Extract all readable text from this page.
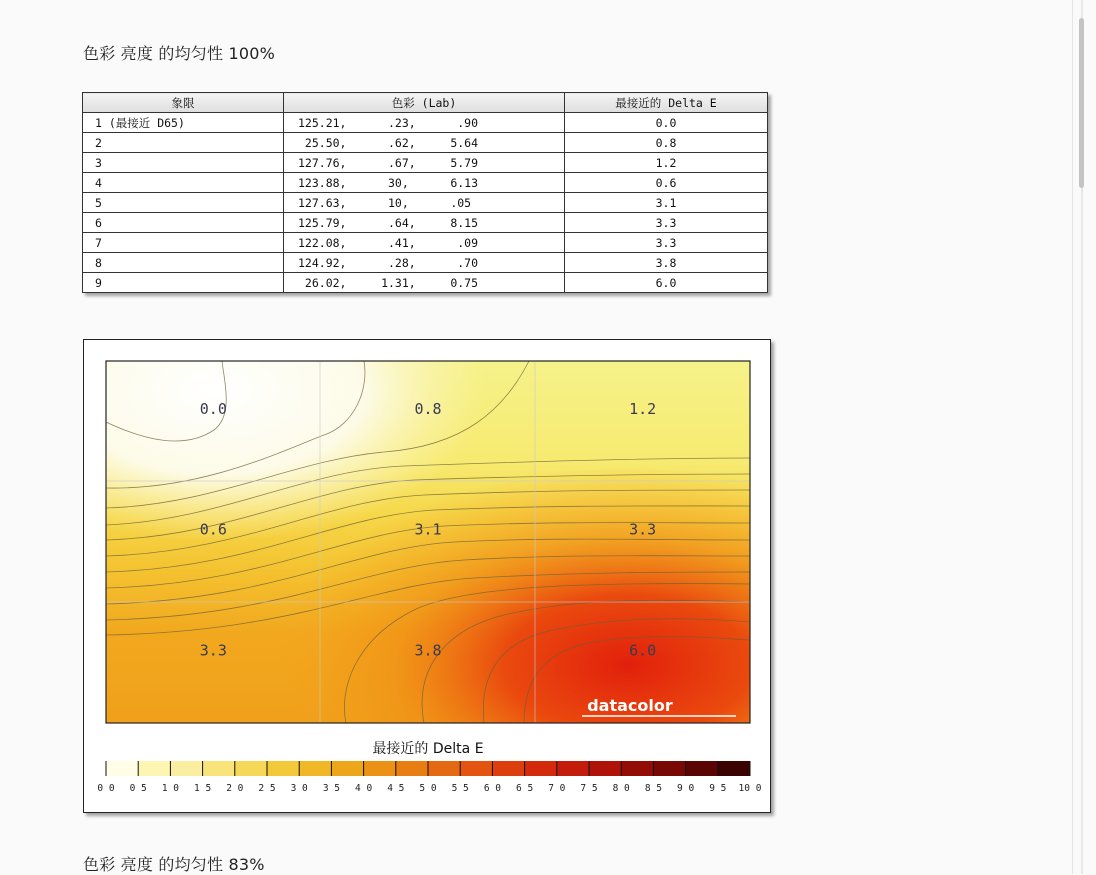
色彩 亮度 的均匀性 100%
象限	色彩 (Lab)	最接近的 Delta E
1 (最接近 D65)	125.21,      .23,      .90	0.0
2	25.50,      .62,     5.64	0.8
3	127.76,      .67,     5.79	1.2
4	123.88,      30,      6.13	0.6
5	127.63,      10,      .05	3.1
6	125.79,      .64,     8.15	3.3
7	122.08,      .41,      .09	3.3
8	124.92,      .28,      .70	3.8
9	26.02,     1.31,     0.75	6.0
0.0	0.8	1.2
0.6	3.1	3.3
3.3	3.8	6.0
datacolor
最接近的 Delta E
0 0 0 5 1 0 1 5 2 0 2 5 3 0 3 5 4 0 4 5 5 0 5 5 6 0 6 5 7 0 7 5 8 0 8 5 9 0 9 5 10 0
色彩 亮度 的均匀性 83%
